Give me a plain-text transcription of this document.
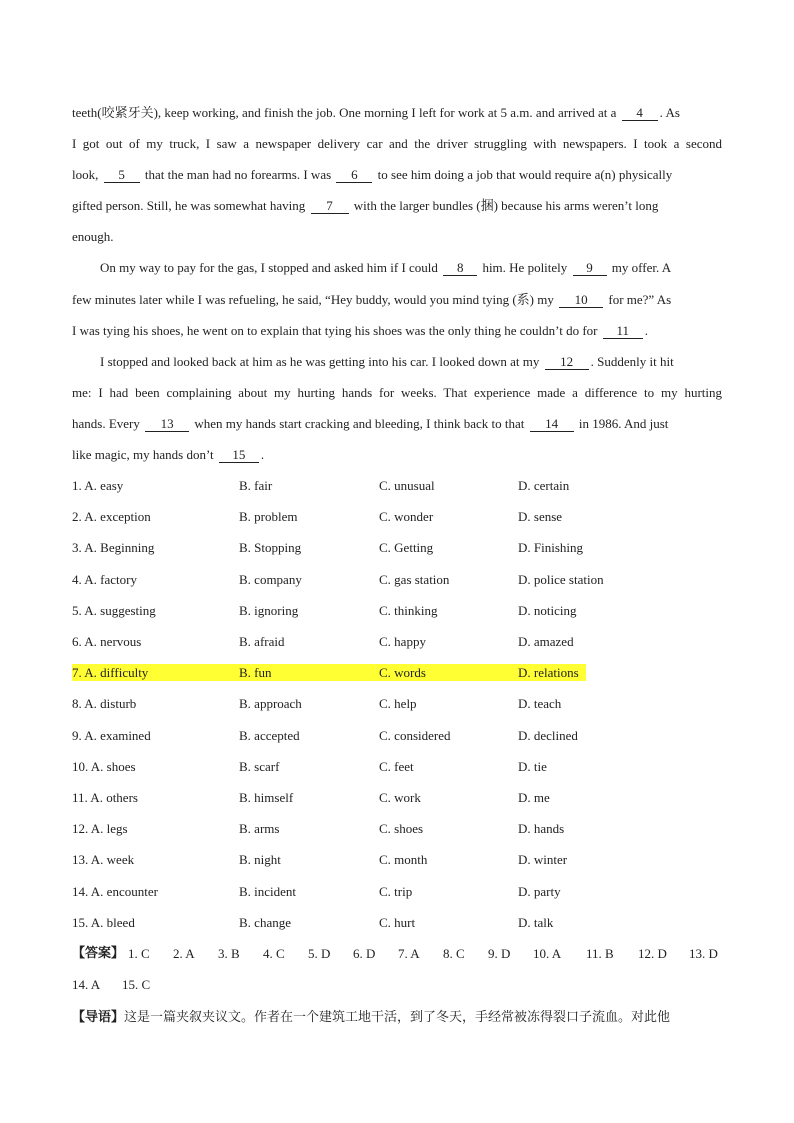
teeth(咬紧牙关), keep working, and finish the job. One morning I left for work at 5 a.m. and arrived at a 4 . As
I got out of my truck, I saw a newspaper delivery car and the driver struggling with newspapers. I took a second
look, 5 that the man had no forearms. I was 6 to see him doing a job that would require a(n) physically
gifted person. Still, he was somewhat having 7 with the larger bundles (捆) because his arms weren’t long
enough.
On my way to pay for the gas, I stopped and asked him if I could 8 him. He politely 9 my offer. A
few minutes later while I was refueling, he said, “Hey buddy, would you mind tying (系) my 10 for me?” As
I was tying his shoes, he went on to explain that tying his shoes was the only thing he couldn’t do for 11 .
I stopped and looked back at him as he was getting into his car. I looked down at my 12 . Suddenly it hit
me: I had been complaining about my hurting hands for weeks. That experience made a difference to my hurting
hands. Every 13 when my hands start cracking and bleeding, I think back to that 14 in 1986. And just
like magic, my hands don’t 15 .
1. A. easy	B. fair	C. unusual	D. certain
2. A. exception	B. problem	C. wonder	D. sense
3. A. Beginning	B. Stopping	C. Getting	D. Finishing
4. A. factory	B. company	C. gas station	D. police station
5. A. suggesting	B. ignoring	C. thinking	D. noticing
6. A. nervous	B. afraid	C. happy	D. amazed
7. A. difficulty	B. fun	C. words	D. relations
8. A. disturb	B. approach	C. help	D. teach
9. A. examined	B. accepted	C. considered	D. declined
10. A. shoes	B. scarf	C. feet	D. tie
11. A. others	B. himself	C. work	D. me
12. A. legs	B. arms	C. shoes	D. hands
13. A. week	B. night	C. month	D. winter
14. A. encounter	B. incident	C. trip	D. party
15. A. bleed	B. change	C. hurt	D. talk
【答案】 1. C 2. A 3. B 4. C 5. D 6. D 7. A 8. C 9. D 10. A 11. B 12. D 13. D
14. A 15. C
【导语】这是一篇夹叙夹议文。作者在一个建筑工地干活，到了冬天，手经常被冻得裂口子流血。对此他
